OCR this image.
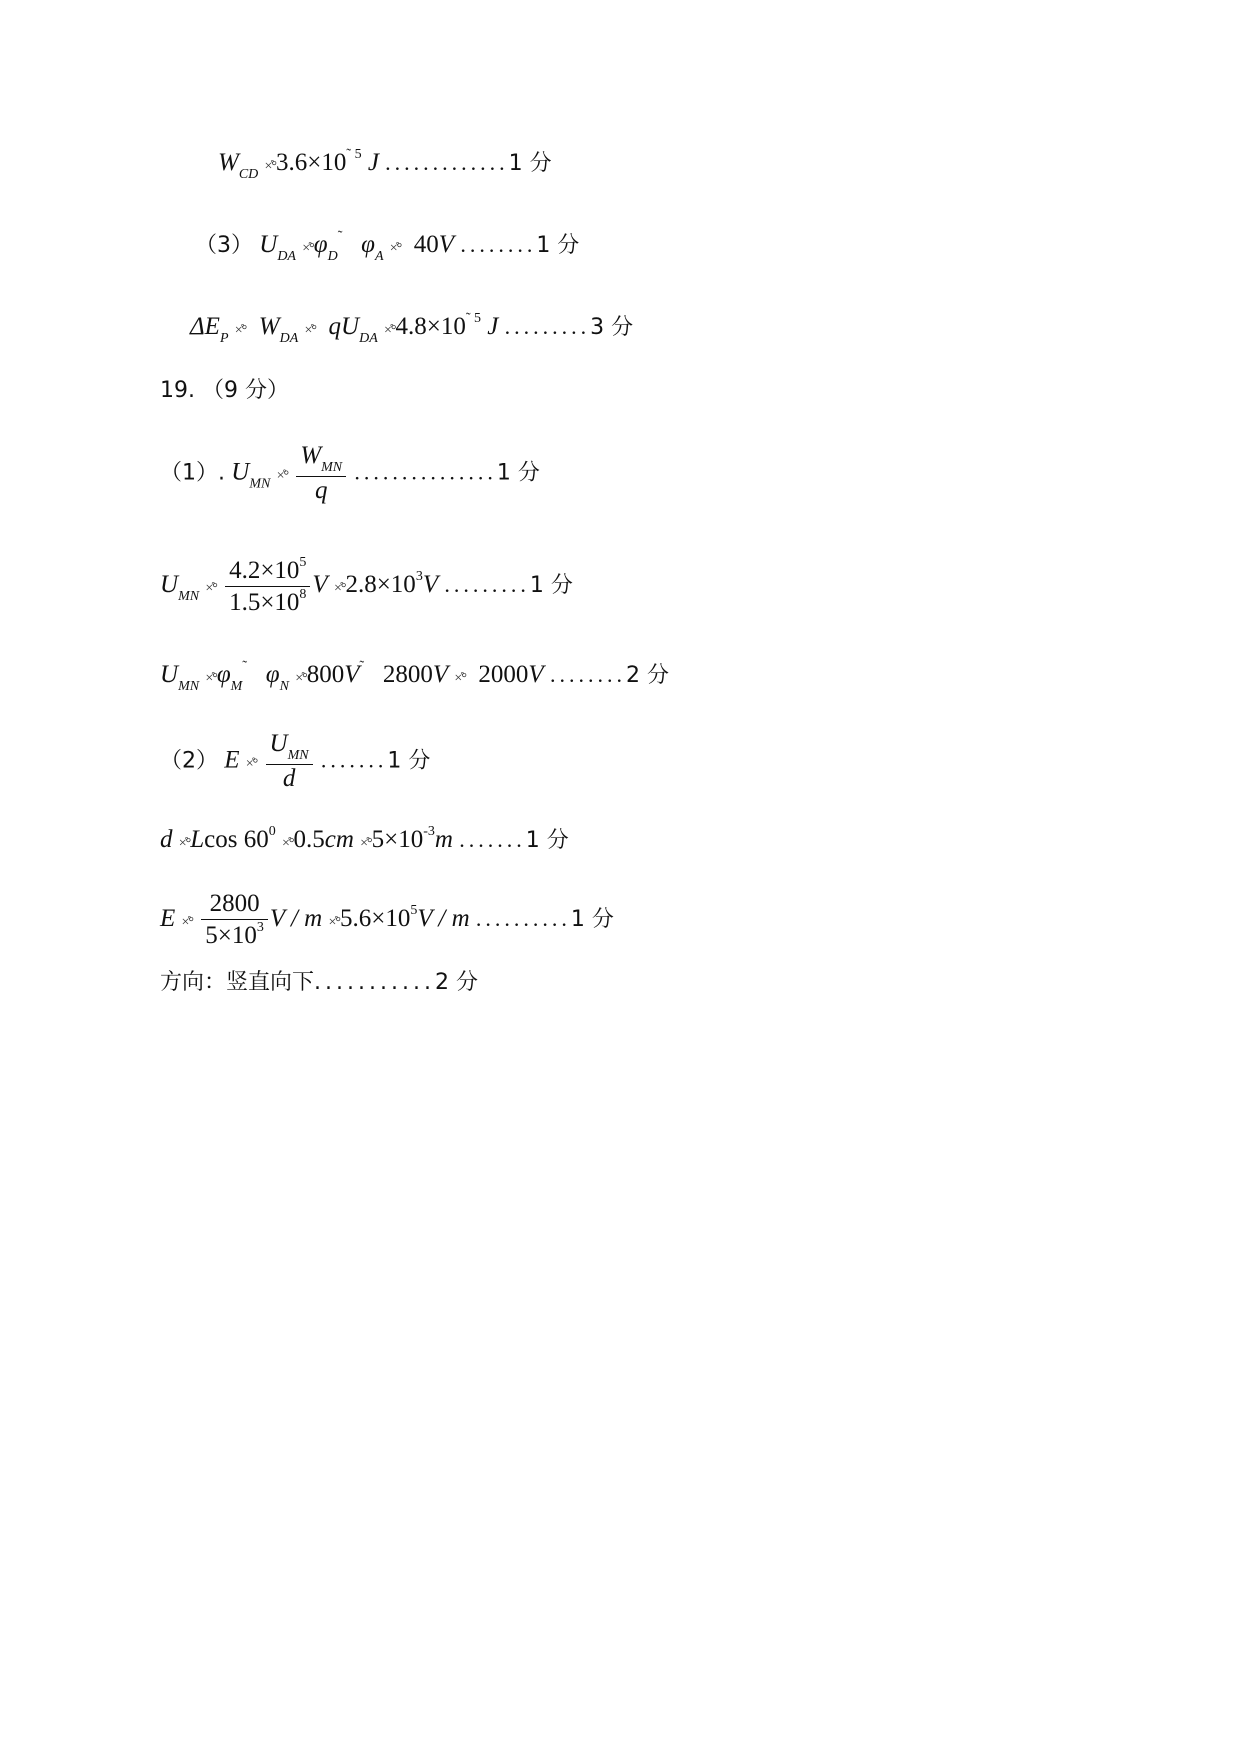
$W_{CD}$ $\times̊^\circ 3.6\times 10^{˜ 5}$ J .............1 分
（3） $U_{DA}$ $\times̊^\circ\varphi_D^˜$ $\varphi_A$ ×̊° 40V ........1 分
$\Delta E_P$ ×̊° $W_{DA}$ ×̊° $qU_{DA}$ $\times̊^\circ 4.8\times 10^{˜ 5}$ J .........3 分
19. （9 分）
（1）. $U_{MN}$ ×̊° $\frac{W_{MN}}{q} ...............1$ 分
$U_{MN}$ ×̊° $\frac{4.2\times 10^5}{1.5\times 10^8}$ $V \times̊^\circ 2.8\times 10^3V$ .........1 分
$U_{MN}$ $\times̊^\circ\varphi_M^˜$ $\varphi_N$ ×̊°800V˜ 2800V ×̊° 2000V ........2 分
（2） E ×̊° $\frac{U_{MN}}{d} .......1$ 分
d ×̊°Lcos $60^0$ ×̊°0.5cm $\times̊^\circ 5\times 10^{-3}m$ .......1 分
E ×̊° $\frac{2800}{5\times 10^3}$ $V / m \times̊^\circ 5.6\times 10^5V / m$ ..........1 分
方向：竖直向下...........2 分
